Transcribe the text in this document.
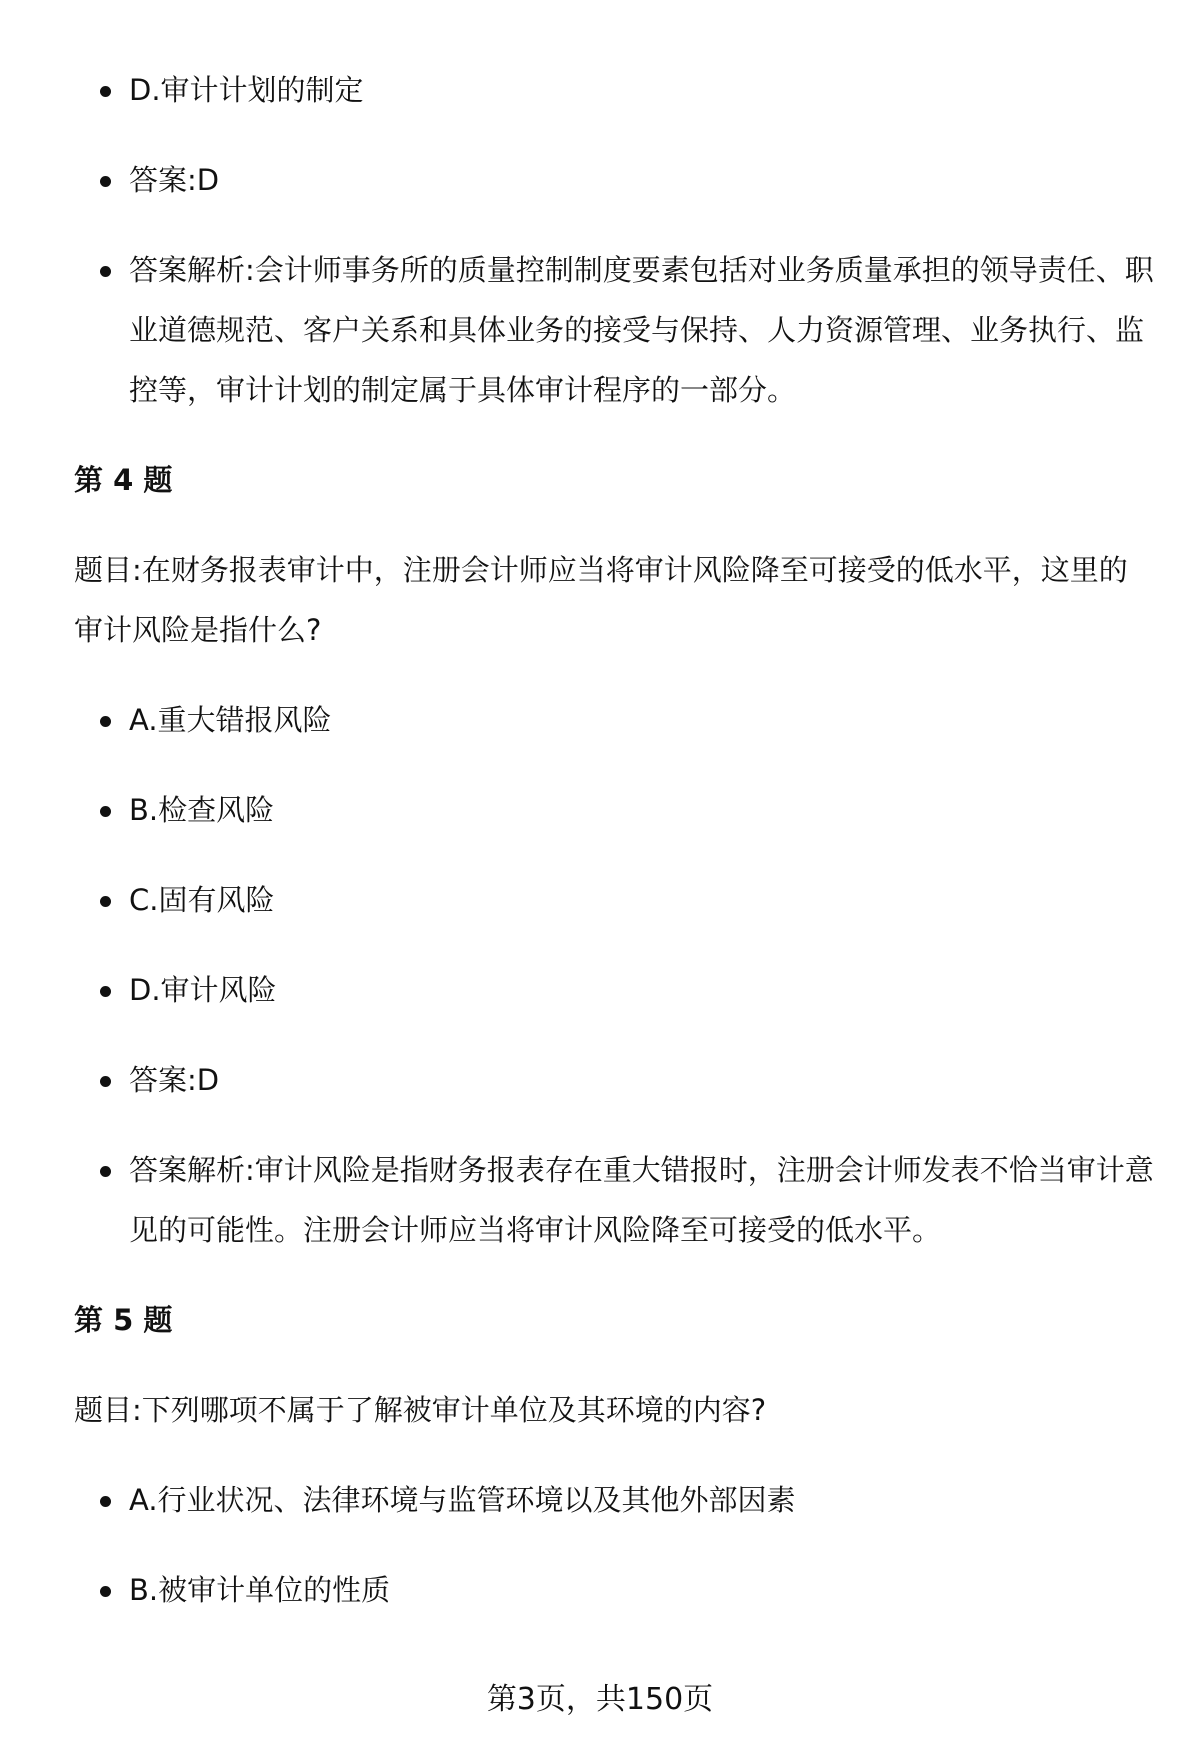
D.审计计划的制定
答案:D
答案解析:会计师事务所的质量控制制度要素包括对业务质量承担的领导责任、职业道德规范、客户关系和具体业务的接受与保持、人力资源管理、业务执行、监控等，审计计划的制定属于具体审计程序的一部分。
第 4 题
题目:在财务报表审计中，注册会计师应当将审计风险降至可接受的低水平，这里的审计风险是指什么?
A.重大错报风险
B.检查风险
C.固有风险
D.审计风险
答案:D
答案解析:审计风险是指财务报表存在重大错报时，注册会计师发表不恰当审计意见的可能性。注册会计师应当将审计风险降至可接受的低水平。
第 5 题
题目:下列哪项不属于了解被审计单位及其环境的内容?
A.行业状况、法律环境与监管环境以及其他外部因素
B.被审计单位的性质
第3页，共150页
